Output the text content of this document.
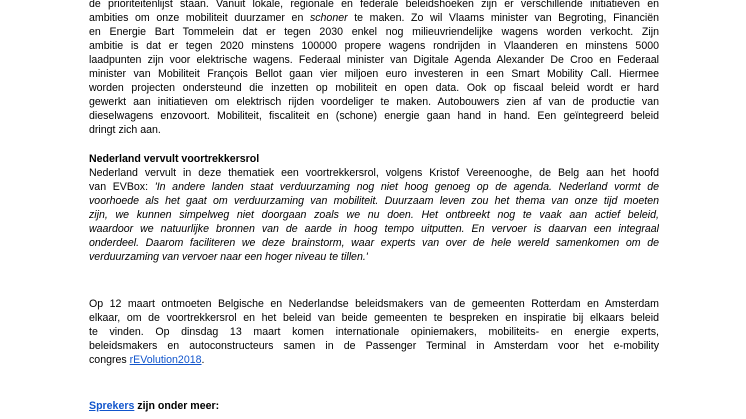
de prioriteitenlijst staan. Vanuit lokale, regionale en federale beleidshoeken zijn er verschillende initiatieven en
ambities om onze mobiliteit duurzamer en schoner te maken. Zo wil Vlaams minister van Begroting, Financiën
en Energie Bart Tommelein dat er tegen 2030 enkel nog milieuvriendelijke wagens worden verkocht. Zijn
ambitie is dat er tegen 2020 minstens 100000 propere wagens rondrijden in Vlaanderen en minstens 5000
laadpunten zijn voor elektrische wagens. Federaal minister van Digitale Agenda Alexander De Croo en Federaal
minister van Mobiliteit François Bellot gaan vier miljoen euro investeren in een Smart Mobility Call. Hiermee
worden projecten ondersteund die inzetten op mobiliteit en open data. Ook op fiscaal beleid wordt er hard
gewerkt aan initiatieven om elektrisch rijden voordeliger te maken. Autobouwers zien af van de productie van
dieselwagens enzovoort. Mobiliteit, fiscaliteit en (schone) energie gaan hand in hand. Een geïntegreerd beleid
dringt zich aan.
Nederland vervult voortrekkersrol
Nederland vervult in deze thematiek een voortrekkersrol, volgens Kristof Vereenooghe, de Belg aan het hoofd
van EVBox: 'In andere landen staat verduurzaming nog niet hoog genoeg op de agenda. Nederland vormt de
voorhoede als het gaat om verduurzaming van mobiliteit. Duurzaam leven zou het thema van onze tijd moeten
zijn, we kunnen simpelweg niet doorgaan zoals we nu doen. Het ontbreekt nog te vaak aan actief beleid,
waardoor we natuurlijke bronnen van de aarde in hoog tempo uitputten. En vervoer is daarvan een integraal
onderdeel. Daarom faciliteren we deze brainstorm, waar experts van over de hele wereld samenkomen om de
verduurzaming van vervoer naar een hoger niveau te tillen.'
Op 12 maart ontmoeten Belgische en Nederlandse beleidsmakers van de gemeenten Rotterdam en Amsterdam
elkaar, om de voortrekkersrol en het beleid van beide gemeenten te bespreken en inspiratie bij elkaars beleid
te vinden. Op dinsdag 13 maart komen internationale opiniemakers, mobiliteits- en energie experts,
beleidsmakers en autoconstructeurs samen in de Passenger Terminal in Amsterdam voor het e-mobility
congres rEVolution2018.
Sprekers zijn onder meer:
